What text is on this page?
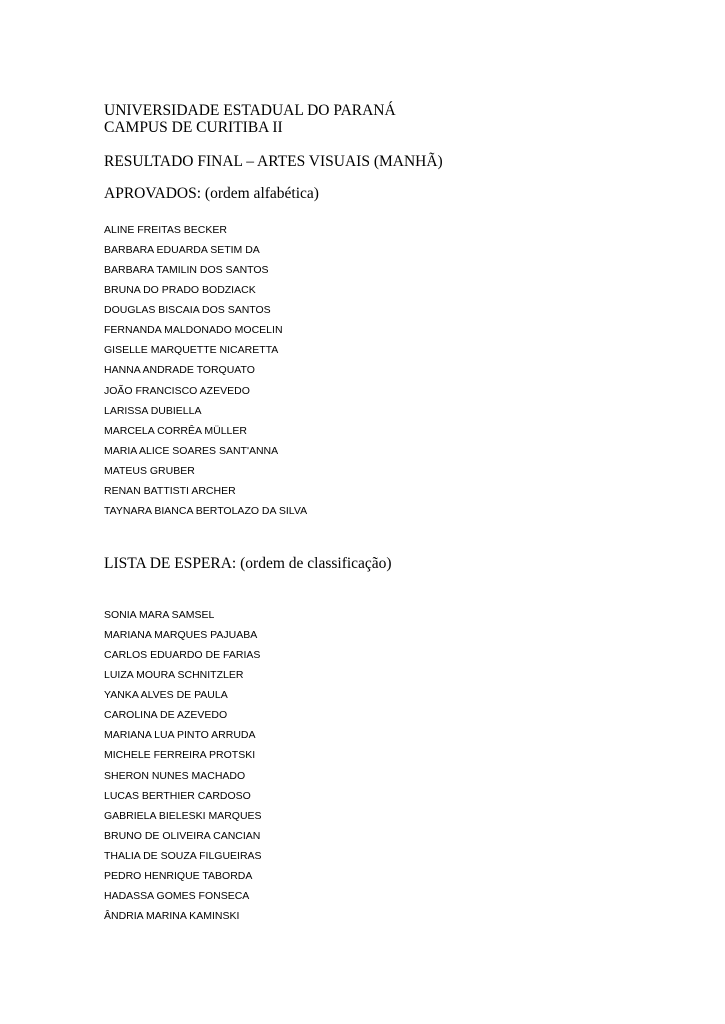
UNIVERSIDADE ESTADUAL DO PARANÁ
CAMPUS DE CURITIBA II
RESULTADO FINAL – ARTES VISUAIS (MANHÃ)
APROVADOS: (ordem alfabética)
ALINE FREITAS BECKER
BARBARA EDUARDA SETIM DA
BARBARA TAMILIN DOS SANTOS
BRUNA DO PRADO BODZIACK
DOUGLAS BISCAIA DOS SANTOS
FERNANDA MALDONADO MOCELIN
GISELLE MARQUETTE NICARETTA
HANNA ANDRADE TORQUATO
JOÃO FRANCISCO AZEVEDO
LARISSA DUBIELLA
MARCELA CORRÊA MÜLLER
MARIA ALICE SOARES SANT'ANNA
MATEUS GRUBER
RENAN BATTISTI ARCHER
TAYNARA BIANCA BERTOLAZO DA SILVA
LISTA DE ESPERA: (ordem de classificação)
SONIA MARA SAMSEL
MARIANA MARQUES PAJUABA
CARLOS EDUARDO DE FARIAS
LUIZA MOURA SCHNITZLER
YANKA ALVES DE PAULA
CAROLINA DE AZEVEDO
MARIANA LUA PINTO ARRUDA
MICHELE FERREIRA PROTSKI
SHERON NUNES MACHADO
LUCAS BERTHIER CARDOSO
GABRIELA BIELESKI MARQUES
BRUNO DE OLIVEIRA CANCIAN
THALIA DE SOUZA FILGUEIRAS
PEDRO HENRIQUE TABORDA
HADASSA GOMES FONSECA
ÂNDRIA MARINA KAMINSKI
